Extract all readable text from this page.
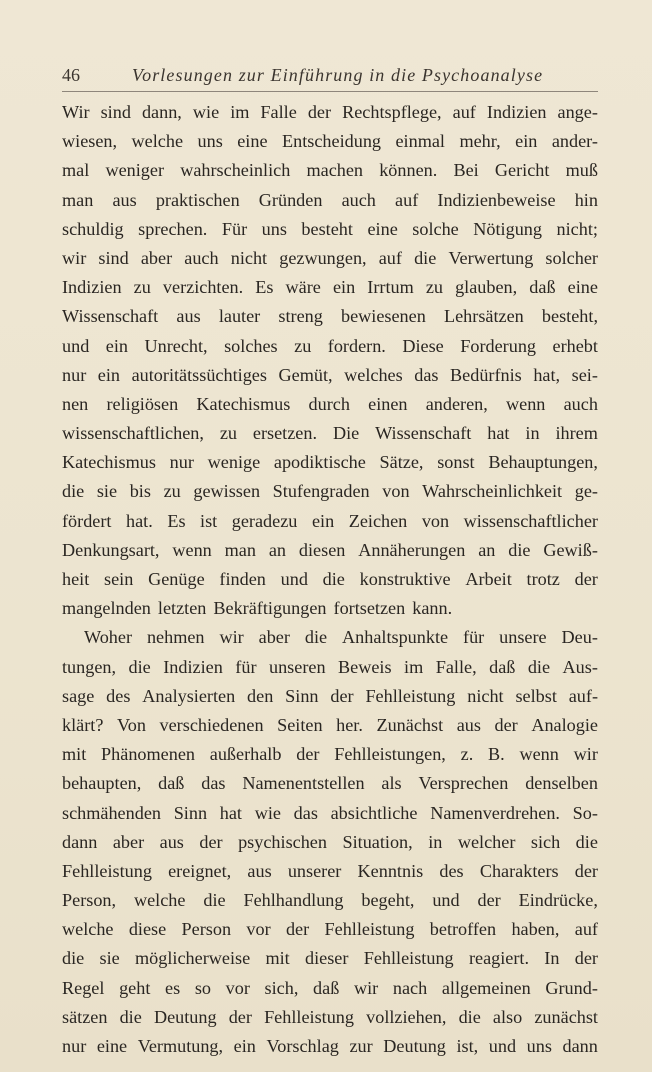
46	Vorlesungen zur Einführung in die Psychoanalyse
Wir sind dann, wie im Falle der Rechtspflege, auf Indizien ange-
wiesen, welche uns eine Entscheidung einmal mehr, ein ander-
mal weniger wahrscheinlich machen können. Bei Gericht muß
man aus praktischen Gründen auch auf Indizienbeweise hin
schuldig sprechen. Für uns besteht eine solche Nötigung nicht;
wir sind aber auch nicht gezwungen, auf die Verwertung solcher
Indizien zu verzichten. Es wäre ein Irrtum zu glauben, daß eine
Wissenschaft aus lauter streng bewiesenen Lehrsätzen besteht,
und ein Unrecht, solches zu fordern. Diese Forderung erhebt
nur ein autoritätssüchtiges Gemüt, welches das Bedürfnis hat, sei-
nen religiösen Katechismus durch einen anderen, wenn auch
wissenschaftlichen, zu ersetzen. Die Wissenschaft hat in ihrem
Katechismus nur wenige apodiktische Sätze, sonst Behauptungen,
die sie bis zu gewissen Stufengraden von Wahrscheinlichkeit ge-
fördert hat. Es ist geradezu ein Zeichen von wissenschaftlicher
Denkungsart, wenn man an diesen Annäherungen an die Gewiß-
heit sein Genüge finden und die konstruktive Arbeit trotz der
mangelnden letzten Bekräftigungen fortsetzen kann.
Woher nehmen wir aber die Anhaltspunkte für unsere Deu-
tungen, die Indizien für unseren Beweis im Falle, daß die Aus-
sage des Analysierten den Sinn der Fehlleistung nicht selbst auf-
klärt? Von verschiedenen Seiten her. Zunächst aus der Analogie
mit Phänomenen außerhalb der Fehlleistungen, z. B. wenn wir
behaupten, daß das Namenentstellen als Versprechen denselben
schmähenden Sinn hat wie das absichtliche Namenverdrehen. So-
dann aber aus der psychischen Situation, in welcher sich die
Fehlleistung ereignet, aus unserer Kenntnis des Charakters der
Person, welche die Fehlhandlung begeht, und der Eindrücke,
welche diese Person vor der Fehlleistung betroffen haben, auf
die sie möglicherweise mit dieser Fehlleistung reagiert. In der
Regel geht es so vor sich, daß wir nach allgemeinen Grund-
sätzen die Deutung der Fehlleistung vollziehen, die also zunächst
nur eine Vermutung, ein Vorschlag zur Deutung ist, und uns dann
